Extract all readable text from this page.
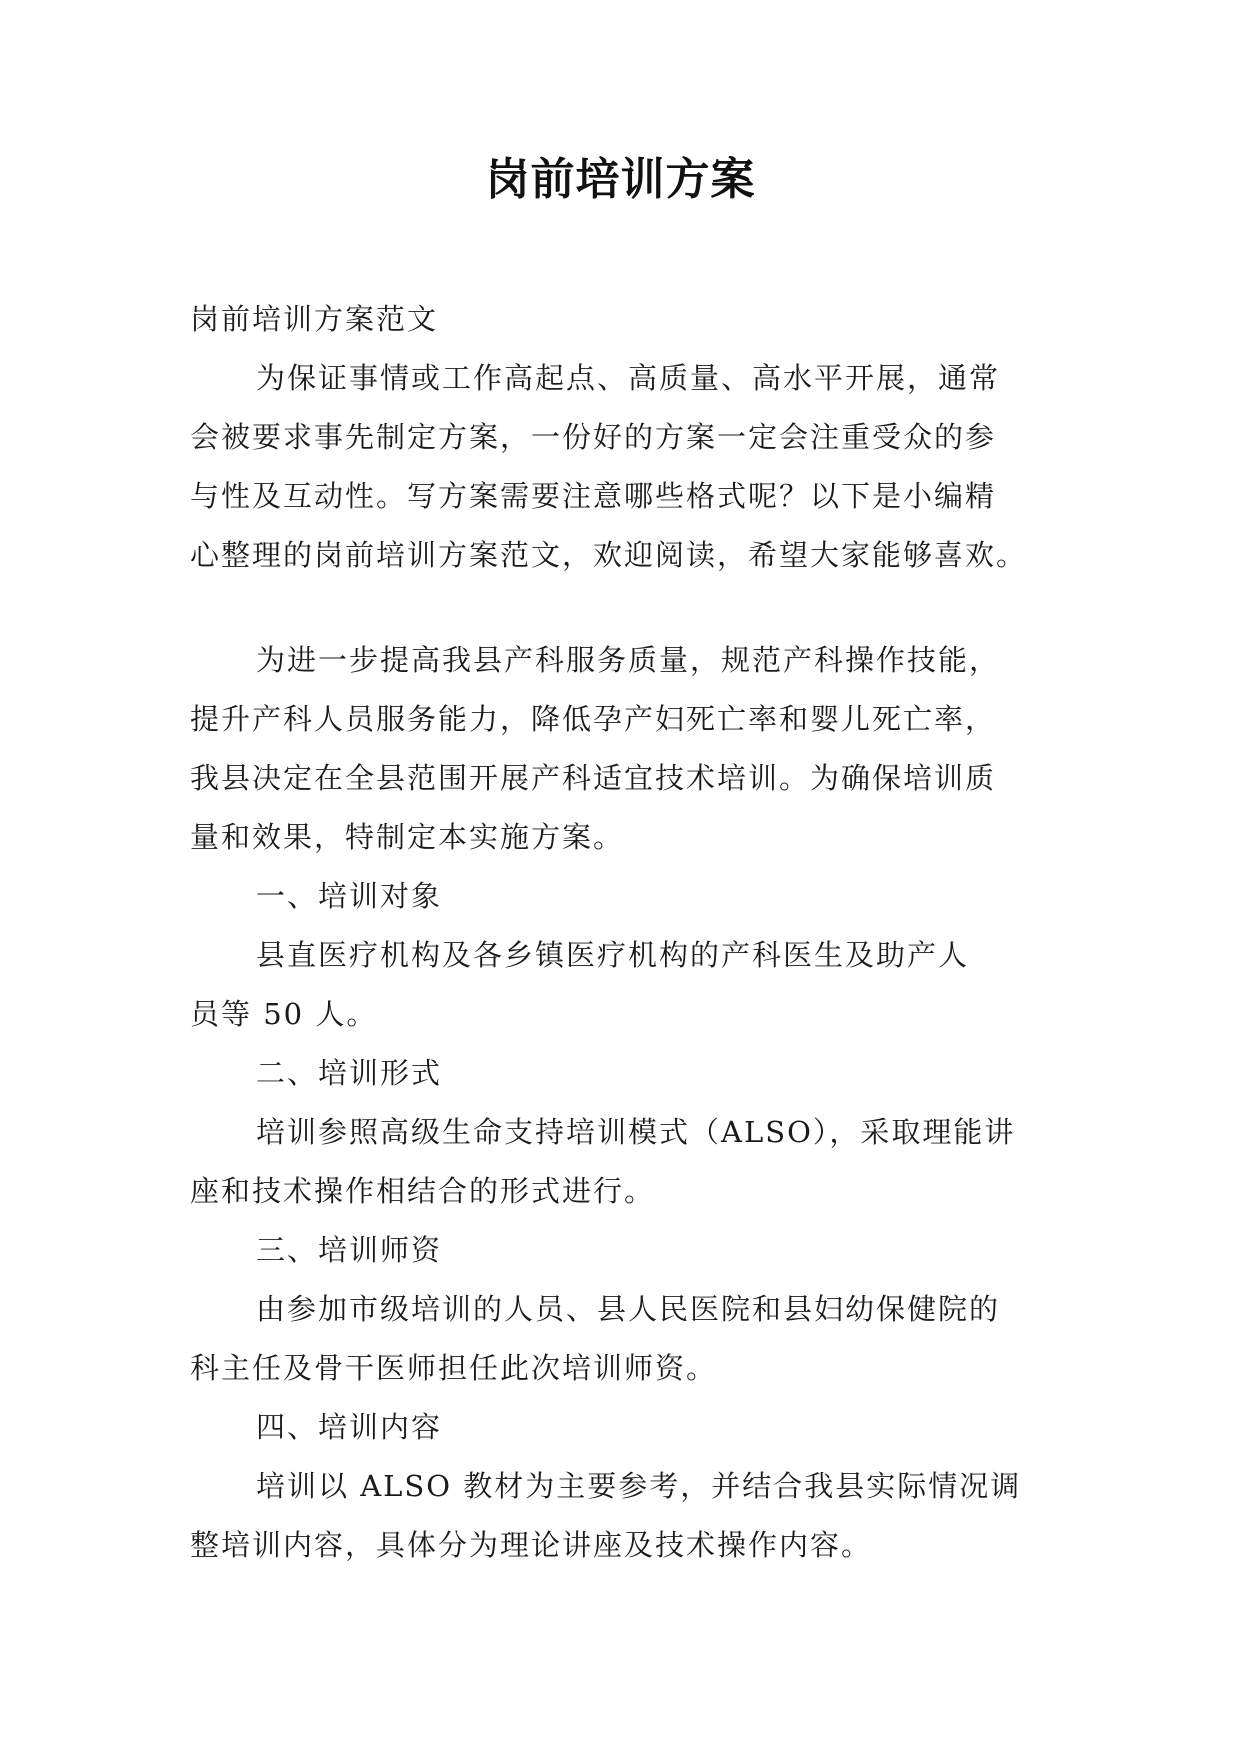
岗前培训方案
岗前培训方案范文
为保证事情或工作高起点、高质量、高水平开展，通常
会被要求事先制定方案，一份好的方案一定会注重受众的参
与性及互动性。写方案需要注意哪些格式呢？以下是小编精
心整理的岗前培训方案范文，欢迎阅读，希望大家能够喜欢。
为进一步提高我县产科服务质量，规范产科操作技能，
提升产科人员服务能力，降低孕产妇死亡率和婴儿死亡率，
我县决定在全县范围开展产科适宜技术培训。为确保培训质
量和效果，特制定本实施方案。
一、培训对象
县直医疗机构及各乡镇医疗机构的产科医生及助产人
员等 50 人。
二、培训形式
培训参照高级生命支持培训模式（ALSO），采取理能讲
座和技术操作相结合的形式进行。
三、培训师资
由参加市级培训的人员、县人民医院和县妇幼保健院的
科主任及骨干医师担任此次培训师资。
四、培训内容
培训以 ALSO 教材为主要参考，并结合我县实际情况调
整培训内容，具体分为理论讲座及技术操作内容。
